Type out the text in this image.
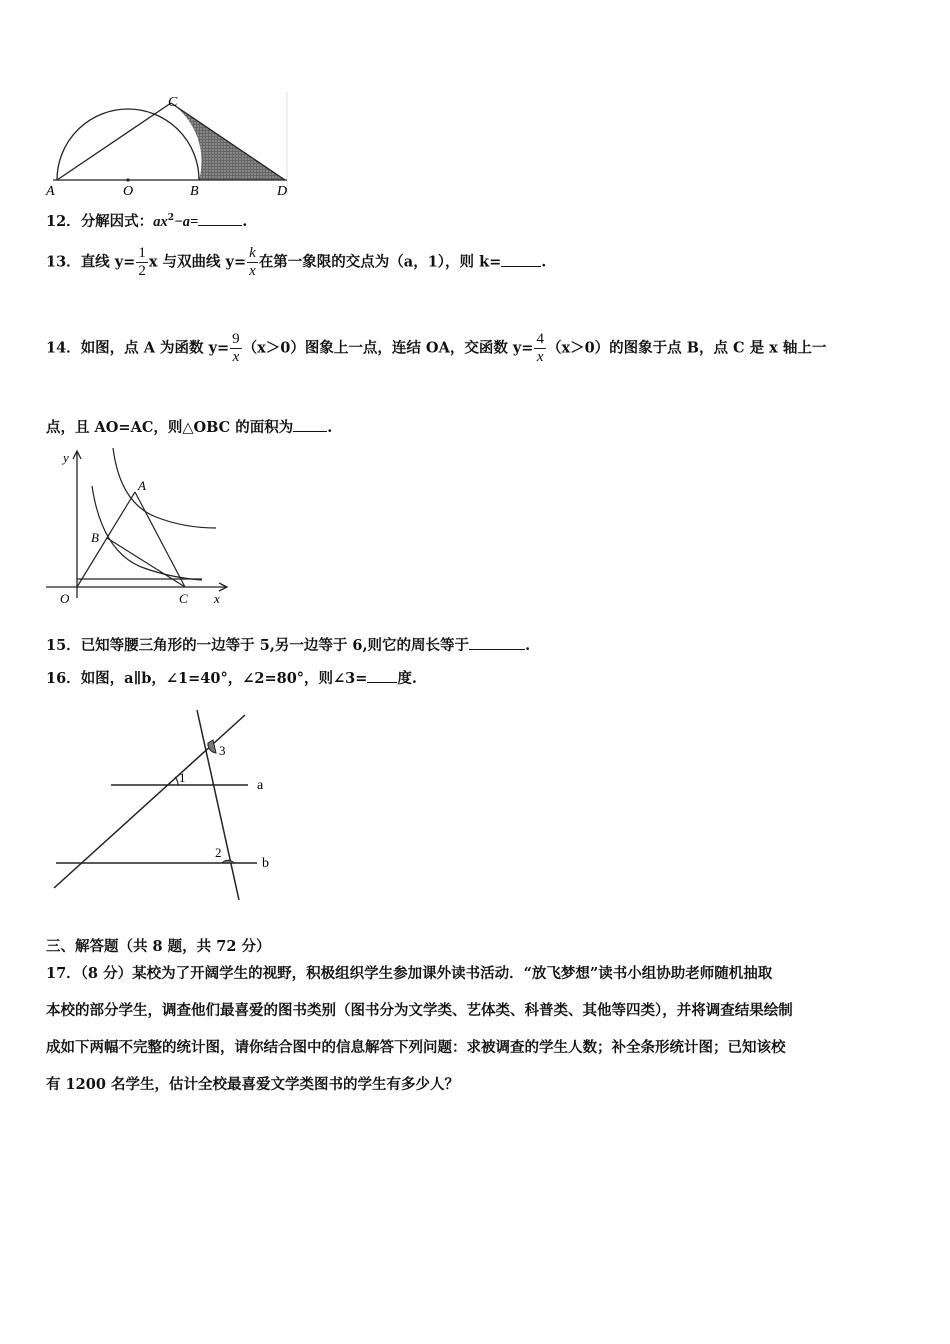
A	O	B
C
D
12．分解因式：$ax^2-a=$	.
13．直线 $y= \frac{1}{2}$ x 与双曲线 $y= \frac{k}{x}$ 在第一象限的交点为（a，1），则 k=	.
14．如图，点 A 为函数 $y= \frac{9}{x} (x>0)$图象上一点，连结 OA，交函数 $y= \frac{4}{x} (x>0)$的图象于点 B，点 C 是 x 轴上一
点，且 AO=AC，则△OBC 的面积为 .
y
A
B
O	C x
15．已知等腰三角形的一边等于 5,另一边等于 6,则它的周长等于	.
16．如图，a∥b，∠1=40°，∠2=80°，则∠3= 度.
1
2
3
a
b
三、解答题（共 8 题，共 72 分）
17．（8 分）某校为了开阔学生的视野，积极组织学生参加课外读书活动．“放飞梦想”读书小组协助老师随机抽取
本校的部分学生，调查他们最喜爱的图书类别（图书分为文学类、艺体类、科普类、其他等四类），并将调查结果绘制
成如下两幅不完整的统计图，请你结合图中的信息解答下列问题：求被调查的学生人数；补全条形统计图；已知该校
有 1200 名学生，估计全校最喜爱文学类图书的学生有多少人？
